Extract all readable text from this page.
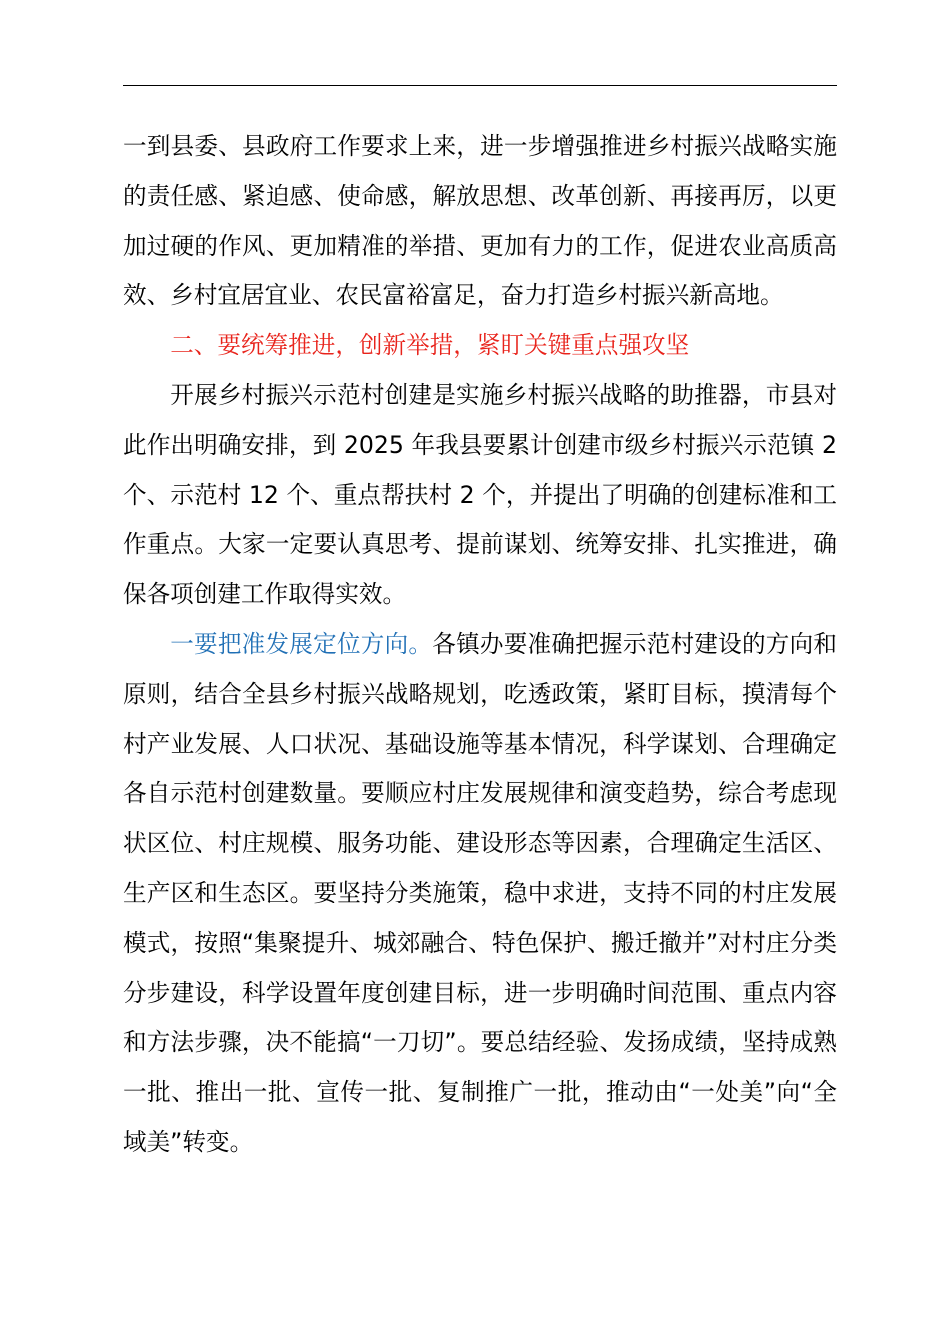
一到县委、县政府工作要求上来，进一步增强推进乡村振兴战略实施的责任感、紧迫感、使命感，解放思想、改革创新、再接再厉，以更加过硬的作风、更加精准的举措、更加有力的工作，促进农业高质高效、乡村宜居宜业、农民富裕富足，奋力打造乡村振兴新高地。

二、要统筹推进，创新举措，紧盯关键重点强攻坚

开展乡村振兴示范村创建是实施乡村振兴战略的助推器，市县对此作出明确安排，到 2025 年我县要累计创建市级乡村振兴示范镇 2 个、示范村 12 个、重点帮扶村 2 个，并提出了明确的创建标准和工作重点。大家一定要认真思考、提前谋划、统筹安排、扎实推进，确保各项创建工作取得实效。

一要把准发展定位方向。各镇办要准确把握示范村建设的方向和原则，结合全县乡村振兴战略规划，吃透政策，紧盯目标，摸清每个村产业发展、人口状况、基础设施等基本情况，科学谋划、合理确定各自示范村创建数量。要顺应村庄发展规律和演变趋势，综合考虑现状区位、村庄规模、服务功能、建设形态等因素，合理确定生活区、生产区和生态区。要坚持分类施策，稳中求进，支持不同的村庄发展模式，按照“集聚提升、城郊融合、特色保护、搬迁撤并”对村庄分类分步建设，科学设置年度创建目标，进一步明确时间范围、重点内容和方法步骤，决不能搞“一刀切”。要总结经验、发扬成绩，坚持成熟一批、推出一批、宣传一批、复制推广一批，推动由“一处美”向“全域美”转变。
